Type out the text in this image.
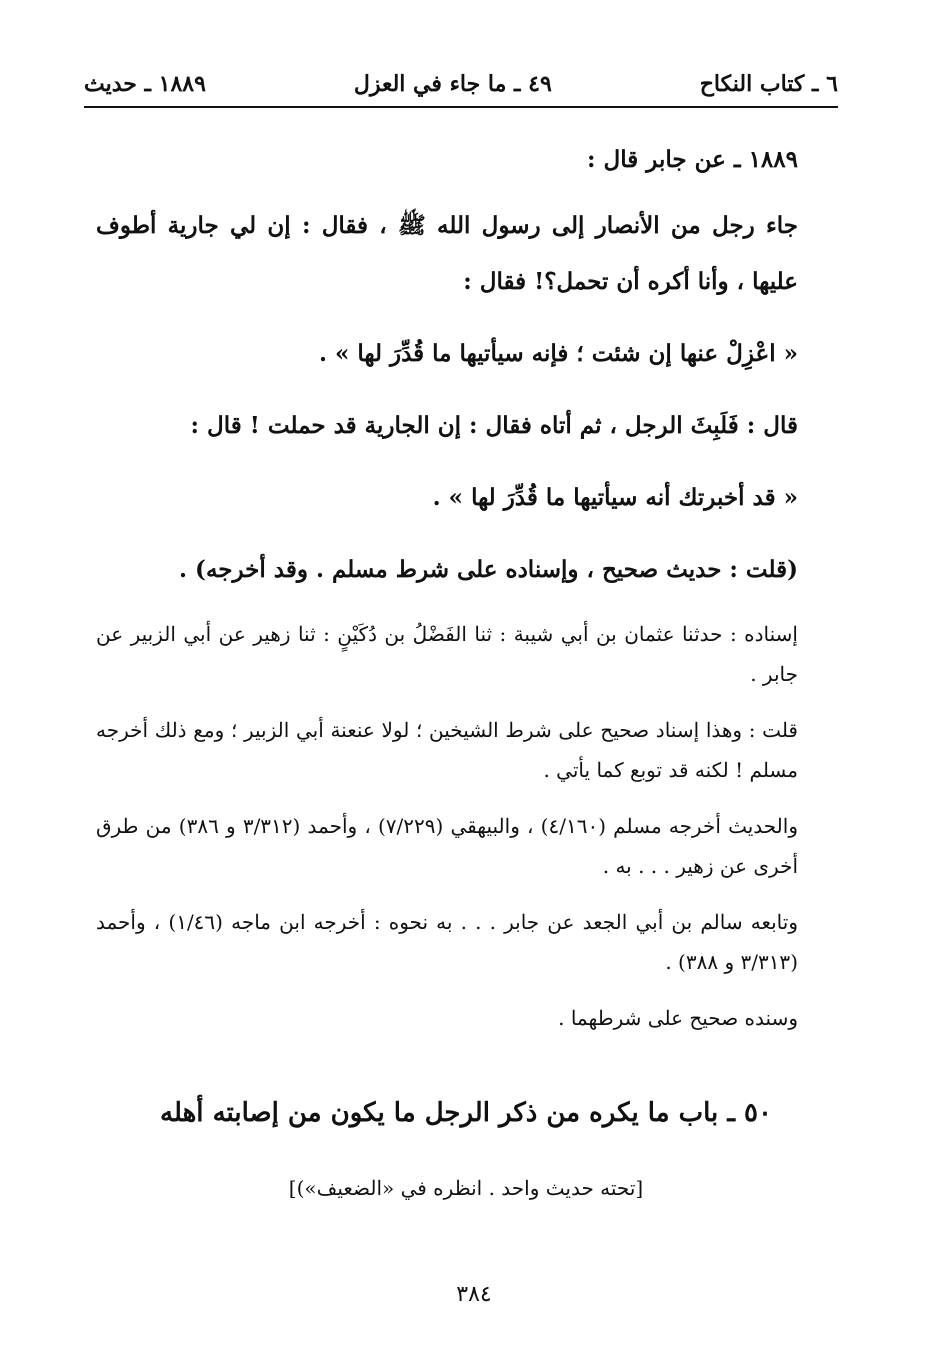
٦ ـ كتاب النكاح
٤٩ ـ ما جاء في العزل
١٨٨٩ ـ حديث
١٨٨٩ ـ عن جابر قال :
جاء رجل من الأنصار إلى رسول الله ﷺ ، فقال : إن لي جارية أطوف عليها ، وأنا أكره أن تحمل؟! فقال :
« اعْزِلْ عنها إن شئت ؛ فإنه سيأتيها ما قُدِّرَ لها » .
قال : فَلَبِثَ الرجل ، ثم أتاه فقال : إن الجارية قد حملت ! قال :
« قد أخبرتك أنه سيأتيها ما قُدِّرَ لها » .
(قلت : حديث صحيح ، وإسناده على شرط مسلم . وقد أخرجه) .
إسناده : حدثنا عثمان بن أبي شيبة : ثنا الفَضْلُ بن دُكَيْنٍ : ثنا زهير عن أبي الزبير عن جابر .
قلت : وهذا إسناد صحيح على شرط الشيخين ؛ لولا عنعنة أبي الزبير ؛ ومع ذلك أخرجه مسلم ! لكنه قد توبع كما يأتي .
والحديث أخرجه مسلم (٤/١٦٠) ، والبيهقي (٧/٢٢٩) ، وأحمد (٣/٣١٢ و ٣٨٦) من طرق أخرى عن زهير . . . به .
وتابعه سالم بن أبي الجعد عن جابر . . . به نحوه : أخرجه ابن ماجه (١/٤٦) ، وأحمد (٣/٣١٣ و ٣٨٨) .
وسنده صحيح على شرطهما .
٥٠ ـ باب ما يكره من ذكر الرجل ما يكون من إصابته أهله
[تحته حديث واحد . انظره في «الضعيف»)]
٣٨٤
